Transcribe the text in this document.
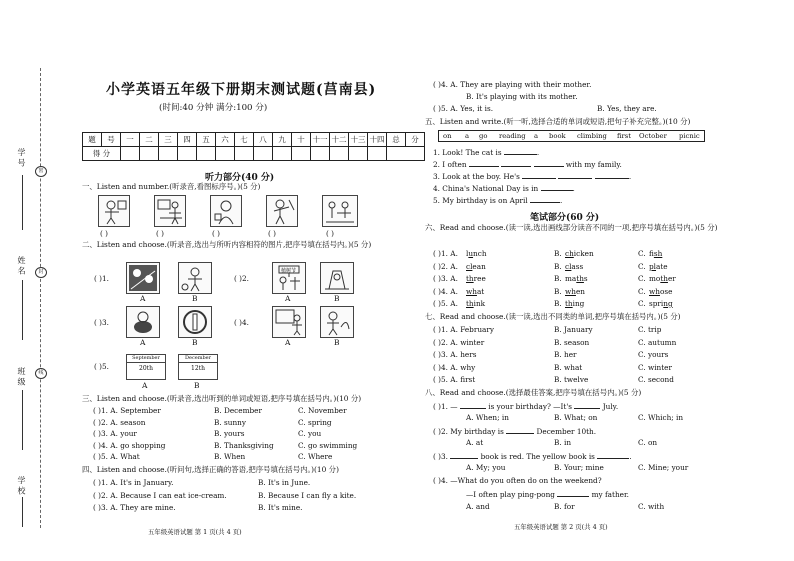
密
封
线
学 号
姓 名
班 级
学 校
小学英语五年级下册期末测试题(莒南县)
(时间:40 分钟 满分:100 分)
题	号	一	二	三	四	五	六	七	八	九	十	十一	十二	十三	十四	总	分
得 分																	
听力部分(40 分)
一、Listen and number.(听录音,看图标序号。)(5 分)
( )	( )	( )	( )	( )
二、Listen and choose.(听录音,选出与所听内容相符的图片,把序号填在括号内。)(5 分)
( )1.
A	B
( )2.
植树节
A	B
( )3.
A	B
( )4.
A	B
( )5.
September
20th
December
12th
A	B
三、Listen and choose.(听录音,选出听到的单词或短语,把序号填在括号内。)(10 分)
( )1. A. September	B. December	C. November
( )2. A. season	B. sunny	C. spring
( )3. A. your	B. yours	C. you
( )4. A. go shopping	B. Thanksgiving	C. go swimming
( )5. A. What	B. When	C. Where
四、Listen and choose.(听问句,选择正确的答语,把序号填在括号内。)(10 分)
( )1. A. It's in January.	B. It's in June.
( )2. A. Because I can eat ice-cream.	B. Because I can fly a kite.
( )3. A. They are mine.	B. It's mine.
五年级英语试题 第 1 页(共 4 页)
( )4. A. They are playing with their mother.
B. It's playing with its mother.
( )5. A. Yes, it is.	B. Yes, they are.
五、Listen and write.(听一听,选择合适的单词或短语,把句子补充完整。)(10 分)
on a go reading a book climbing first October picnic
1. Look! The cat is	.
2. I often	with my family.
3. Look at the boy. He's	.
4. China's National Day is in	.
5. My birthday is on April	.
笔试部分(60 分)
六、Read and choose.(读一读,选出画线部分读音不同的一项,把序号填在括号内。)(5 分)
( )1. A. lunch	B. chicken	C. fish
( )2. A. clean	B. class	C. plate
( )3. A. three	B. maths	C. mother
( )4. A. what	B. when	C. whose
( )5. A. think	B. thing	C. spring
七、Read and choose.(读一读,选出不同类的单词,把序号填在括号内。)(5 分)
( )1. A. February	B. January	C. trip
( )2. A. winter	B. season	C. autumn
( )3. A. hers	B. her	C. yours
( )4. A. why	B. what	C. winter
( )5. A. first	B. twelve	C. second
八、Read and choose.(选择最佳答案,把序号填在括号内。)(5 分)
( )1. —	is your birthday? —It's	July.
A. When; in	B. What; on	C. Which; in
( )2. My birthday is	December 10th.
A. at	B. in	C. on
( )3.	book is red. The yellow book is	.
A. My; you	B. Your; mine	C. Mine; your
( )4. —What do you often do on the weekend?
—I often play ping-pong	my father.
A. and	B. for	C. with
五年级英语试题 第 2 页(共 4 页)
